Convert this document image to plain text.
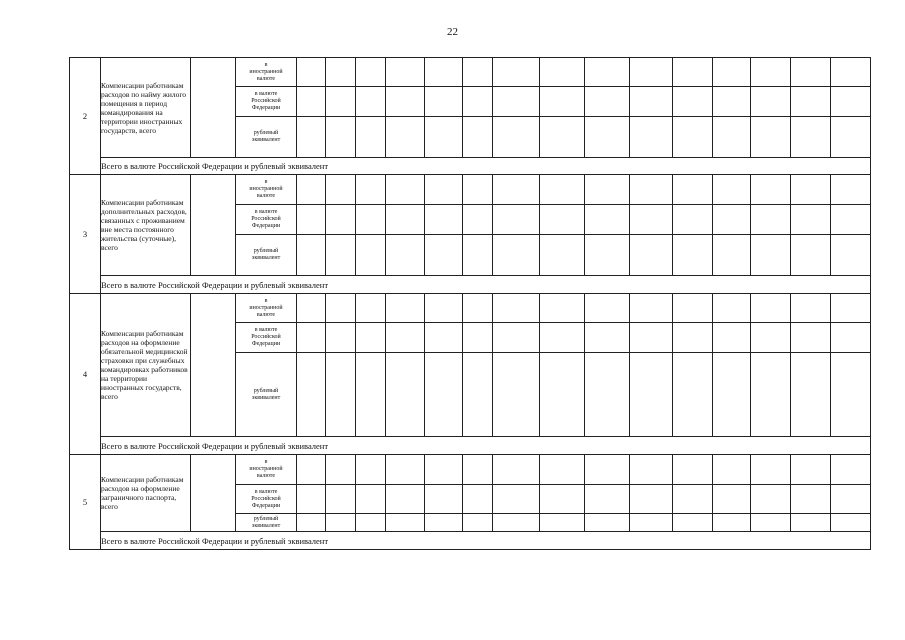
22
2	Компенсации работникам расходов по найму жилого помещения в период командирования на территории иностранных государств, всего		в
иностранной
валюте															
			в валюте
Российской
Федерации															
			рублевый
эквивалент															
	Всего в валюте Российской Федерации и рублевый эквивалент																	
3	Компенсации работникам дополнительных расходов, связанных с проживанием вне места постоянного жительства (суточные), всего		в
иностранной
валюте															
			в валюте
Российской
Федерации															
			рублевый
эквивалент															
	Всего в валюте Российской Федерации и рублевый эквивалент																	
4	Компенсации работникам расходов на оформление обязательной медицинской страховки при служебных командировках работников на территории иностранных государств, всего		в
иностранной
валюте															
			в валюте
Российской
Федерации															
			рублевый
эквивалент															
	Всего в валюте Российской Федерации и рублевый эквивалент																	
5	Компенсации работникам расходов на оформление заграничного паспорта, всего		в
иностранной
валюте															
			в валюте
Российской
Федерации															
			рублевый
эквивалент															
	Всего в валюте Российской Федерации и рублевый эквивалент																	
